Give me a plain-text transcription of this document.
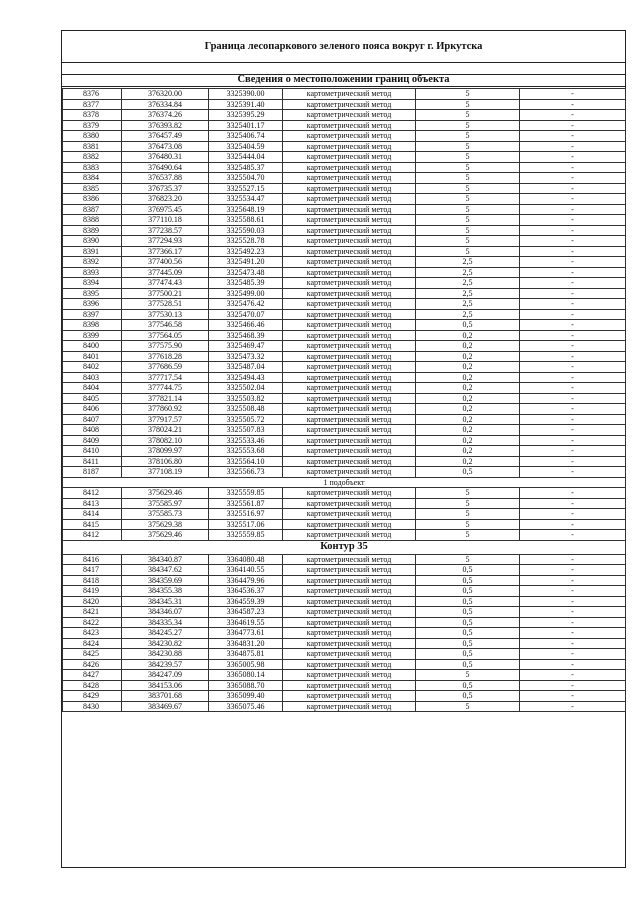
Граница лесопаркового зеленого пояса вокруг г. Иркутска
Сведения о местоположении границ объекта
8376	376320.00	3325390.00	картометрический метод	5	-
8377	376334.84	3325391.40	картометрический метод	5	-
8378	376374.26	3325395.29	картометрический метод	5	-
8379	376393.82	3325401.17	картометрический метод	5	-
8380	376457.49	3325406.74	картометрический метод	5	-
8381	376473.08	3325404.59	картометрический метод	5	-
8382	376480.31	3325444.04	картометрический метод	5	-
8383	376490.64	3325485.37	картометрический метод	5	-
8384	376537.88	3325504.70	картометрический метод	5	-
8385	376735.37	3325527.15	картометрический метод	5	-
8386	376823.20	3325534.47	картометрический метод	5	-
8387	376975.45	3325648.19	картометрический метод	5	-
8388	377110.18	3325588.61	картометрический метод	5	-
8389	377238.57	3325590.03	картометрический метод	5	-
8390	377294.93	3325528.78	картометрический метод	5	-
8391	377366.17	3325492.23	картометрический метод	5	-
8392	377400.56	3325491.20	картометрический метод	2,5	-
8393	377445.09	3325473.48	картометрический метод	2,5	-
8394	377474.43	3325485.39	картометрический метод	2,5	-
8395	377500.21	3325499.00	картометрический метод	2,5	-
8396	377528.51	3325476.42	картометрический метод	2,5	-
8397	377530.13	3325470.07	картометрический метод	2,5	-
8398	377546.58	3325466.46	картометрический метод	0,5	-
8399	377564.05	3325468.39	картометрический метод	0,2	-
8400	377575.90	3325469.47	картометрический метод	0,2	-
8401	377618.28	3325473.32	картометрический метод	0,2	-
8402	377686.59	3325487.04	картометрический метод	0,2	-
8403	377717.54	3325494.43	картометрический метод	0,2	-
8404	377744.75	3325502.04	картометрический метод	0,2	-
8405	377821.14	3325503.82	картометрический метод	0,2	-
8406	377860.92	3325508.48	картометрический метод	0,2	-
8407	377917.57	3325505.72	картометрический метод	0,2	-
8408	378024.21	3325507.83	картометрический метод	0,2	-
8409	378082.10	3325533.46	картометрический метод	0,2	-
8410	378099.97	3325553.68	картометрический метод	0,2	-
8411	378106.80	3325564.10	картометрический метод	0,2	-
8187	377108.19	3325566.73	картометрический метод	0,5	-
1 подобъект					
8412	375629.46	3325559.85	картометрический метод	5	-
8413	375585.97	3325561.87	картометрический метод	5	-
8414	375585.73	3325516.97	картометрический метод	5	-
8415	375629.38	3325517.06	картометрический метод	5	-
8412	375629.46	3325559.85	картометрический метод	5	-
Контур 35					
8416	384340.87	3364080.48	картометрический метод	5	-
8417	384347.62	3364140.55	картометрический метод	0,5	-
8418	384359.69	3364479.96	картометрический метод	0,5	-
8419	384355.38	3364536.37	картометрический метод	0,5	-
8420	384345.31	3364559.39	картометрический метод	0,5	-
8421	384346.07	3364587.23	картометрический метод	0,5	-
8422	384335.34	3364619.55	картометрический метод	0,5	-
8423	384245.27	3364773.61	картометрический метод	0,5	-
8424	384230.82	3364831.20	картометрический метод	0,5	-
8425	384230.88	3364875.81	картометрический метод	0,5	-
8426	384239.57	3365005.98	картометрический метод	0,5	-
8427	384247.09	3365080.14	картометрический метод	5	-
8428	384153.06	3365088.70	картометрический метод	0,5	-
8429	383701.68	3365099.40	картометрический метод	0,5	-
8430	383469.67	3365075.46	картометрический метод	5	-
